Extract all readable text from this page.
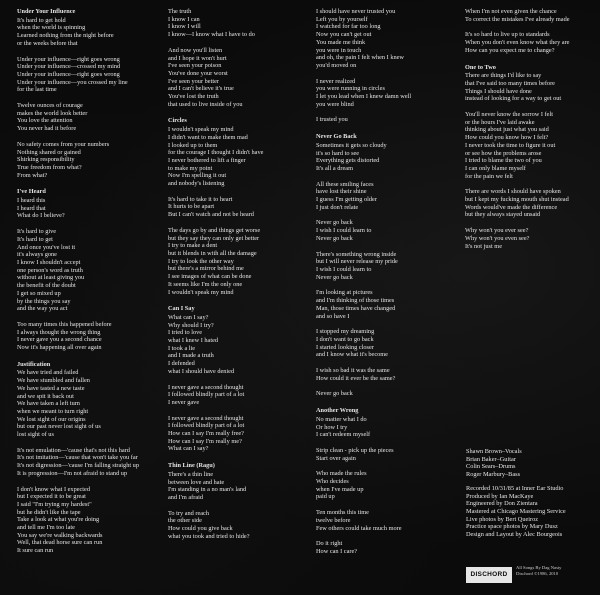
Under Your Influence
It's hard to get hold
when the world is spinning
Learned nothing from the night before
or the weeks before that
Under your influence—right goes wrong
Under your influence—crossed my mind
Under your influence—right goes wrong
Under your influence—you crossed my line
for the last time
Twelve ounces of courage
makes the world look better
You love the attention
You never had it before
No safety comes from your numbers
Nothing shared or gained
Shirking responsibility
True freedom from what?
From what?
I've Heard
I heard this
I heard that
What do I believe?
It's hard to give
It's hard to get
And once you've lost it
it's always gone
I know I shouldn't accept
one person's word as truth
without at least giving you
the benefit of the doubt
I get so mixed up
by the things you say
and the way you act
Too many times this happened before
I always thought the wrong thing
I never gave you a second chance
Now it's happening all over again
Justification
We have tried and failed
We have stumbled and fallen
We have tasted a new taste
and we spit it back out
We have taken a left turn
when we meant to turn right
We lost sight of our origins
but our past never lost sight of us
lost sight of us
It's not emulation—'cause that's not this hard
It's not imitation—'cause that won't take you far
It's not digression—'cause I'm falling straight up
It is progression—I'm not afraid to stand up
I don't know what I expected
but I expected it to be great
I said "I'm trying my hardest"
but he didn't like the tape
Take a look at what you're doing
and tell me I'm too late
You say we're walking backwards
Well, that dead horse sure can run
It sure can run
The truth
I know I can
I know I will
I know—I know what I have to do
And now you'll listen
and I hope it won't hurt
I've seen your poison
You've done your worst
I've seen your better
and I can't believe it's true
You've lost the truth
that used to live inside of you
Circles
I wouldn't speak my mind
I didn't want to make them mad
I looked up to them
for the courage I thought I didn't have
I never bothered to lift a finger
to make my point
Now I'm spelling it out
and nobody's listening
It's hard to take it to heart
It hurts to be apart
But I can't watch and not be heard
The days go by and things get worse
but they say they can only get better
I try to make a dent
but it blends in with all the damage
I try to look the other way
but there's a mirror behind me
I see images of what can be done
It seems like I'm the only one
I wouldn't speak my mind
Can I Say
What can I say?
Why should I try?
I tried to love
what I knew I hated
I took a lie
and I made a truth
I defended
what I should have denied
I never gave a second thought
I followed blindly part of a lot
I never gave
I never gave a second thought
I followed blindly part of a lot
How can I say I'm really free?
How can I say I'm really me?
What can I say?
Thin Line (Ragu)
There's a thin line
between love and hate
I'm standing in a no man's land
and I'm afraid
To try and reach
the other side
How could you give back
what you took and tried to hide?
I should have never trusted you
Left you by yourself
I watched for far too long
Now you can't get out
You made me think
you were in touch
and oh, the pain I felt when I knew
you'd moved on
I never realized
you were running in circles
I let you lead when I knew damn well
you were blind
I trusted you
Never Go Back
Sometimes it gets so cloudy
it's so hard to see
Everything gets distorted
It's all a dream
All these smiling faces
have lost their shine
I guess I'm getting older
I just don't relate
Never go back
I wish I could learn to
Never go back
There's something wrong inside
but I will never release my pride
I wish I could learn to
Never go back
I'm looking at pictures
and I'm thinking of those times
Man, those times have changed
and so have I
I stopped my dreaming
I don't want to go back
I started looking closer
and I know what it's become
I wish so bad it was the same
How could it ever be the same?
Never go back
Another Wrong
No matter what I do
Or how I try
I can't redeem myself
Strip clean - pick up the pieces
Start over again
Who made the rules
Who decides
when I've made up
paid up
Ten months this time
twelve before
Few others could take much more
Do it right
How can I care?
When I'm not even given the chance
To correct the mistakes I've already made
It's so hard to live up to standards
When you don't even know what they are
How can you expect me to change?
One to Two
There are things I'd like to say
that I've said too many times before
Things I should have done
instead of looking for a way to get out
You'll never know the sorrow I felt
or the hours I've laid awake
thinking about just what you said
How could you know how I felt?
I never took the time to figure it out
or see how the problems arose
I tried to blame the two of you
I can only blame myself
for the pain we felt
There are words I should have spoken
but I kept my fucking mouth shut instead
Words would've made the difference
but they always stayed unsaid
Why won't you ever see?
Why won't you even see?
It's not just me
Shawn Brown–Vocals
Brian Baker–Guitar
Colin Sears–Drums
Roger Marbury–Bass
Recorded 10/31/85 at Inner Ear Studio
Produced by Ian MacKaye
Engineered by Don Zientara
Mastered at Chicago Mastering Service
Live photos by Bert Queiroz
Practice space photos by Mary Dusz
Design and Layout by Alec Bourgeois
DISCHORD
All Songs By Dag Nasty
Dischord ©1986, 2010
